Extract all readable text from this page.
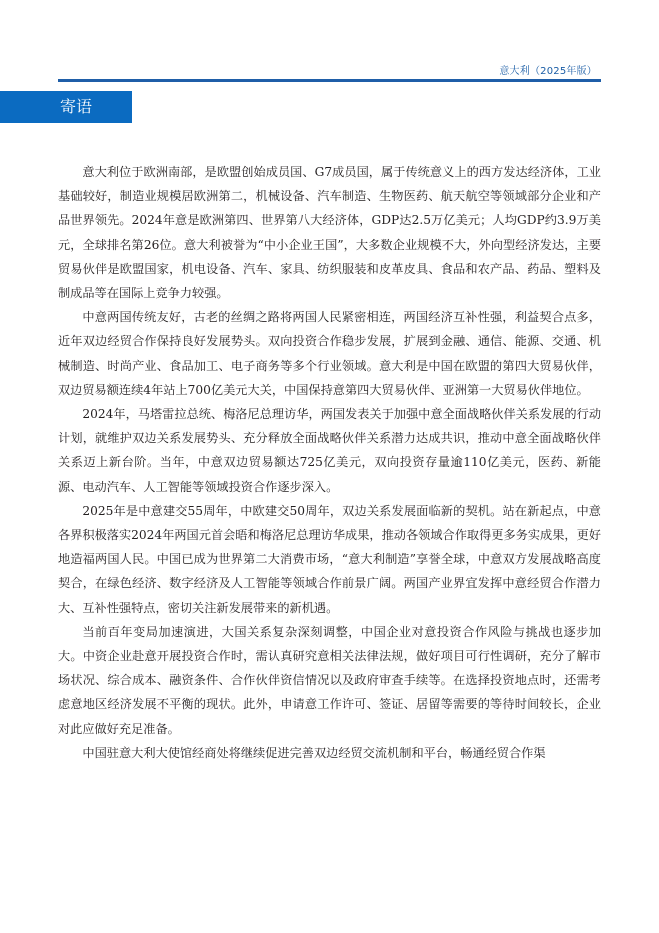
意大利（2025年版）
寄语

意大利位于欧洲南部，是欧盟创始成员国、G7成员国，属于传统意义上的西方发达经济体，工业基础较好，制造业规模居欧洲第二，机械设备、汽车制造、生物医药、航天航空等领域部分企业和产品世界领先。2024年意是欧洲第四、世界第八大经济体，GDP达2.5万亿美元；人均GDP约3.9万美元，全球排名第26位。意大利被誉为“中小企业王国”，大多数企业规模不大，外向型经济发达，主要贸易伙伴是欧盟国家，机电设备、汽车、家具、纺织服装和皮革皮具、食品和农产品、药品、塑料及制成品等在国际上竞争力较强。

中意两国传统友好，古老的丝绸之路将两国人民紧密相连，两国经济互补性强，利益契合点多，近年双边经贸合作保持良好发展势头。双向投资合作稳步发展，扩展到金融、通信、能源、交通、机械制造、时尚产业、食品加工、电子商务等多个行业领域。意大利是中国在欧盟的第四大贸易伙伴，双边贸易额连续4年站上700亿美元大关，中国保持意第四大贸易伙伴、亚洲第一大贸易伙伴地位。

2024年，马塔雷拉总统、梅洛尼总理访华，两国发表关于加强中意全面战略伙伴关系发展的行动计划，就维护双边关系发展势头、充分释放全面战略伙伴关系潜力达成共识，推动中意全面战略伙伴关系迈上新台阶。当年，中意双边贸易额达725亿美元，双向投资存量逾110亿美元，医药、新能源、电动汽车、人工智能等领域投资合作逐步深入。

2025年是中意建交55周年，中欧建交50周年，双边关系发展面临新的契机。站在新起点，中意各界积极落实2024年两国元首会晤和梅洛尼总理访华成果，推动各领域合作取得更多务实成果，更好地造福两国人民。中国已成为世界第二大消费市场，“意大利制造”享誉全球，中意双方发展战略高度契合，在绿色经济、数字经济及人工智能等领域合作前景广阔。两国产业界宜发挥中意经贸合作潜力大、互补性强特点，密切关注新发展带来的新机遇。

当前百年变局加速演进，大国关系复杂深刻调整，中国企业对意投资合作风险与挑战也逐步加大。中资企业赴意开展投资合作时，需认真研究意相关法律法规，做好项目可行性调研，充分了解市场状况、综合成本、融资条件、合作伙伴资信情况以及政府审查手续等。在选择投资地点时，还需考虑意地区经济发展不平衡的现状。此外，申请意工作许可、签证、居留等需要的等待时间较长，企业对此应做好充足准备。

中国驻意大利大使馆经商处将继续促进完善双边经贸交流机制和平台，畅通经贸合作渠
